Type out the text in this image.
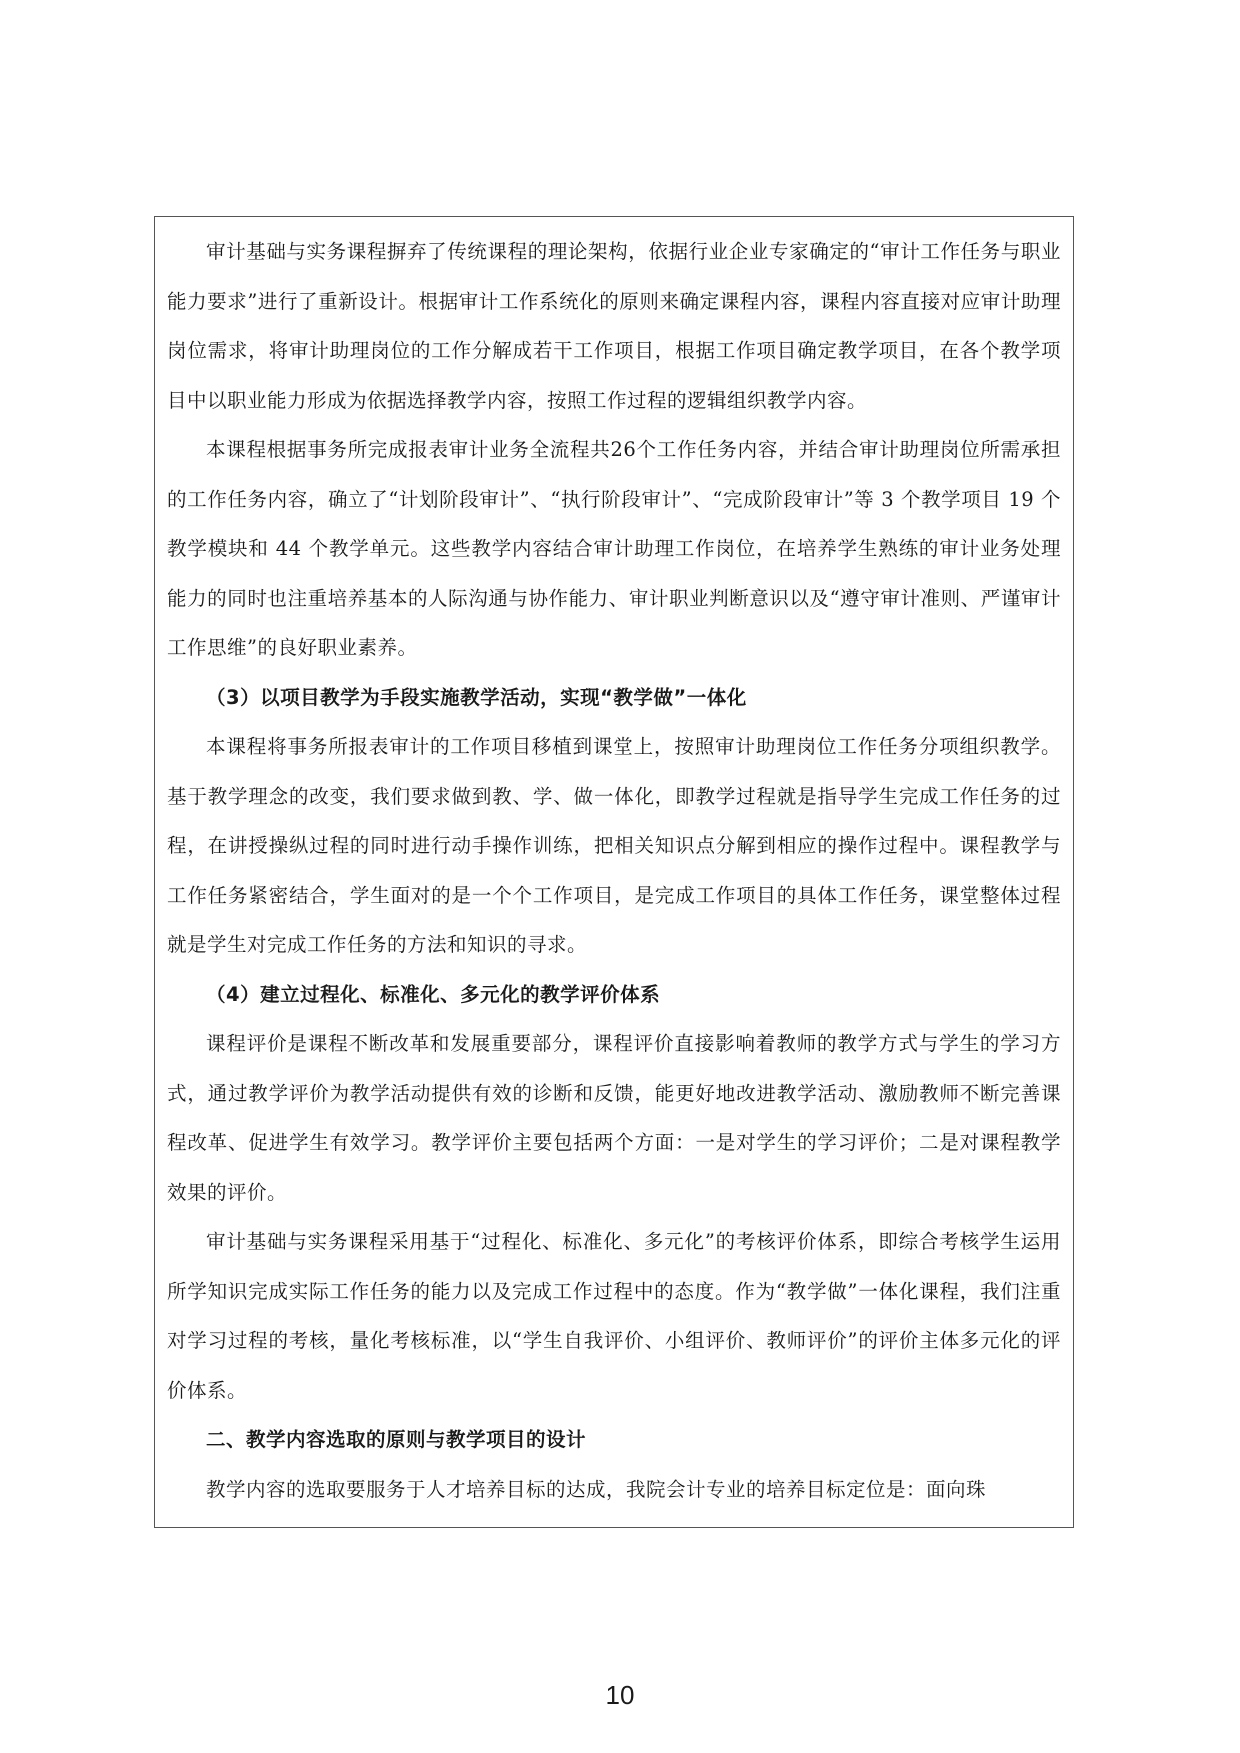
审计基础与实务课程摒弃了传统课程的理论架构，依据行业企业专家确定的“审计工作任务与职业能力要求”进行了重新设计。根据审计工作系统化的原则来确定课程内容，课程内容直接对应审计助理岗位需求，将审计助理岗位的工作分解成若干工作项目，根据工作项目确定教学项目，在各个教学项目中以职业能力形成为依据选择教学内容，按照工作过程的逻辑组织教学内容。

本课程根据事务所完成报表审计业务全流程共26个工作任务内容，并结合审计助理岗位所需承担的工作任务内容，确立了“计划阶段审计”、“执行阶段审计”、“完成阶段审计”等 3 个教学项目 19 个教学模块和 44 个教学单元。这些教学内容结合审计助理工作岗位，在培养学生熟练的审计业务处理能力的同时也注重培养基本的人际沟通与协作能力、审计职业判断意识以及“遵守审计准则、严谨审计工作思维”的良好职业素养。

（3）以项目教学为手段实施教学活动，实现“教学做”一体化

本课程将事务所报表审计的工作项目移植到课堂上，按照审计助理岗位工作任务分项组织教学。基于教学理念的改变，我们要求做到教、学、做一体化，即教学过程就是指导学生完成工作任务的过程，在讲授操纵过程的同时进行动手操作训练，把相关知识点分解到相应的操作过程中。课程教学与工作任务紧密结合，学生面对的是一个个工作项目，是完成工作项目的具体工作任务，课堂整体过程就是学生对完成工作任务的方法和知识的寻求。

（4）建立过程化、标准化、多元化的教学评价体系

课程评价是课程不断改革和发展重要部分，课程评价直接影响着教师的教学方式与学生的学习方式，通过教学评价为教学活动提供有效的诊断和反馈，能更好地改进教学活动、激励教师不断完善课程改革、促进学生有效学习。教学评价主要包括两个方面：一是对学生的学习评价；二是对课程教学效果的评价。

审计基础与实务课程采用基于“过程化、标准化、多元化”的考核评价体系，即综合考核学生运用所学知识完成实际工作任务的能力以及完成工作过程中的态度。作为“教学做”一体化课程，我们注重对学习过程的考核，量化考核标准，以“学生自我评价、小组评价、教师评价”的评价主体多元化的评价体系。

二、教学内容选取的原则与教学项目的设计

教学内容的选取要服务于人才培养目标的达成，我院会计专业的培养目标定位是：面向珠

10
